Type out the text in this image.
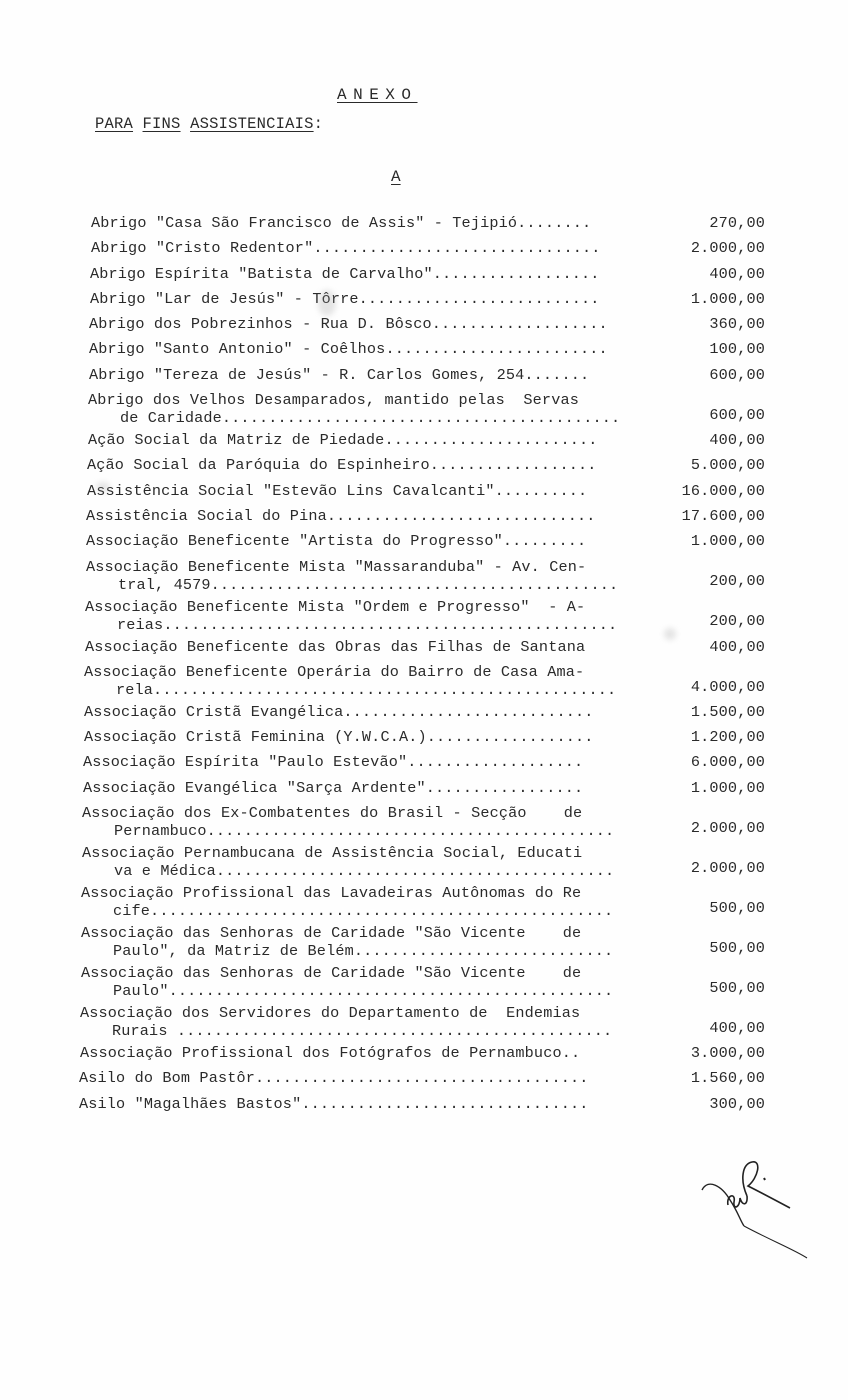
ANEXO
PARA FINS ASSISTENCIAIS:
A
Abrigo "Casa São Francisco de Assis" - Tejipió........	270,00
Abrigo "Cristo Redentor"...............................	2.000,00
Abrigo Espírita "Batista de Carvalho"..................	400,00
Abrigo "Lar de Jesús" - Tôrre..........................	1.000,00
Abrigo dos Pobrezinhos - Rua D. Bôsco...................	360,00
Abrigo "Santo Antonio" - Coêlhos........................	100,00
Abrigo "Tereza de Jesús" - R. Carlos Gomes, 254.......	600,00
Abrigo dos Velhos Desamparados, mantido pelas  Servas
de Caridade...........................................	600,00
Ação Social da Matriz de Piedade.......................	400,00
Ação Social da Paróquia do Espinheiro..................	5.000,00
Assistência Social "Estevão Lins Cavalcanti"..........	16.000,00
Assistência Social do Pina.............................	17.600,00
Associação Beneficente "Artista do Progresso".........	1.000,00
Associação Beneficente Mista "Massaranduba" - Av. Cen-
tral, 4579............................................	200,00
Associação Beneficente Mista "Ordem e Progresso"  - A-
reias.................................................	200,00
Associação Beneficente das Obras das Filhas de Santana	400,00
Associação Beneficente Operária do Bairro de Casa Ama-
rela..................................................	4.000,00
Associação Cristã Evangélica...........................	1.500,00
Associação Cristã Feminina (Y.W.C.A.)..................	1.200,00
Associação Espírita "Paulo Estevão"...................	6.000,00
Associação Evangélica "Sarça Ardente".................	1.000,00
Associação dos Ex-Combatentes do Brasil - Secção    de
Pernambuco............................................	2.000,00
Associação Pernambucana de Assistência Social, Educati
va e Médica...........................................	2.000,00
Associação Profissional das Lavadeiras Autônomas do Re
cife..................................................	500,00
Associação das Senhoras de Caridade "São Vicente    de
Paulo", da Matriz de Belém............................	500,00
Associação das Senhoras de Caridade "São Vicente    de
Paulo"................................................	500,00
Associação dos Servidores do Departamento de  Endemias
Rurais ...............................................	400,00
Associação Profissional dos Fotógrafos de Pernambuco..	3.000,00
Asilo do Bom Pastôr....................................	1.560,00
Asilo "Magalhães Bastos"...............................	300,00
